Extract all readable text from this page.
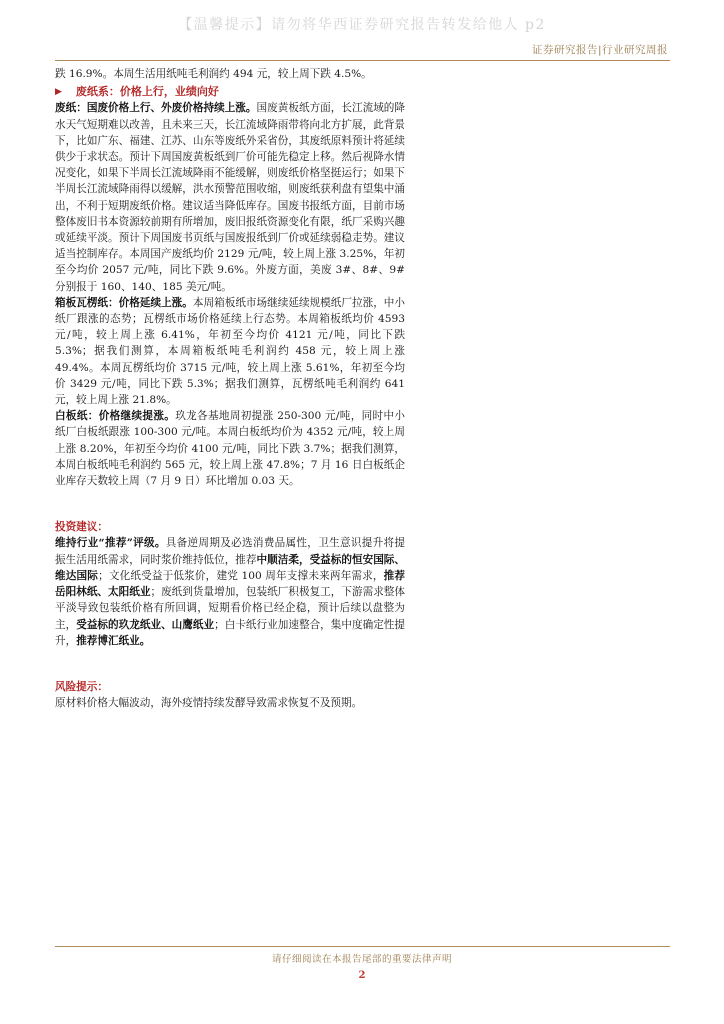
【温馨提示】请勿将华西证券研究报告转发给他人 p2
证券研究报告|行业研究周报

跌 16.9%。本周生活用纸吨毛利润约 494 元，较上周下跌 4.5%。

▶ 废纸系：价格上行，业绩向好

废纸：国废价格上行、外废价格持续上涨。国废黄板纸方面，长江流域的降水天气短期难以改善，且未来三天，长江流域降雨带将向北方扩展，此背景下，比如广东、福建、江苏、山东等废纸外采省份，其废纸原料预计将延续供少于求状态。预计下周国废黄板纸到厂价可能先稳定上移。然后视降水情况变化，如果下半周长江流域降雨不能缓解，则废纸价格坚挺运行；如果下半周长江流域降雨得以缓解，洪水预警范围收缩，则废纸获利盘有望集中涌出，不利于短期废纸价格。建议适当降低库存。国废书报纸方面，目前市场整体废旧书本资源较前期有所增加，废旧报纸资源变化有限，纸厂采购兴趣或延续平淡。预计下周国废书页纸与国废报纸到厂价或延续弱稳走势。建议适当控制库存。本周国产废纸均价 2129 元/吨，较上周上涨 3.25%，年初至今均价 2057 元/吨，同比下跌 9.6%。外废方面，美废 3#、8#、9#分别报于 160、140、185 美元/吨。

箱板瓦楞纸：价格延续上涨。本周箱板纸市场继续延续规模纸厂拉涨，中小纸厂跟涨的态势；瓦楞纸市场价格延续上行态势。本周箱板纸均价 4593 元/吨，较上周上涨 6.41%，年初至今均价 4121 元/吨，同比下跌 5.3%；据我们测算，本周箱板纸吨毛利润约 458 元，较上周上涨 49.4%。本周瓦楞纸均价 3715 元/吨，较上周上涨 5.61%，年初至今均价 3429 元/吨，同比下跌 5.3%；据我们测算，瓦楞纸吨毛利润约 641 元，较上周上涨 21.8%。

白板纸：价格继续提涨。玖龙各基地周初提涨 250-300 元/吨，同时中小纸厂白板纸跟涨 100-300 元/吨。本周白板纸均价为 4352 元/吨，较上周上涨 8.20%，年初至今均价 4100 元/吨，同比下跌 3.7%；据我们测算，本周白板纸吨毛利润约 565 元，较上周上涨 47.8%；7 月 16 日白板纸企业库存天数较上周（7 月 9 日）环比增加 0.03 天。

投资建议：

维持行业“推荐”评级。具备逆周期及必选消费品属性，卫生意识提升将提振生活用纸需求，同时浆价维持低位，推荐中顺洁柔，受益标的恒安国际、维达国际；文化纸受益于低浆价，建党 100 周年支撑未来两年需求，推荐岳阳林纸、太阳纸业；废纸到货量增加，包装纸厂积极复工，下游需求整体平淡导致包装纸价格有所回调，短期看价格已经企稳，预计后续以盘整为主，受益标的玖龙纸业、山鹰纸业；白卡纸行业加速整合，集中度确定性提升，推荐博汇纸业。

风险提示：

原材料价格大幅波动，海外疫情持续发酵导致需求恢复不及预期。

请仔细阅读在本报告尾部的重要法律声明
2
